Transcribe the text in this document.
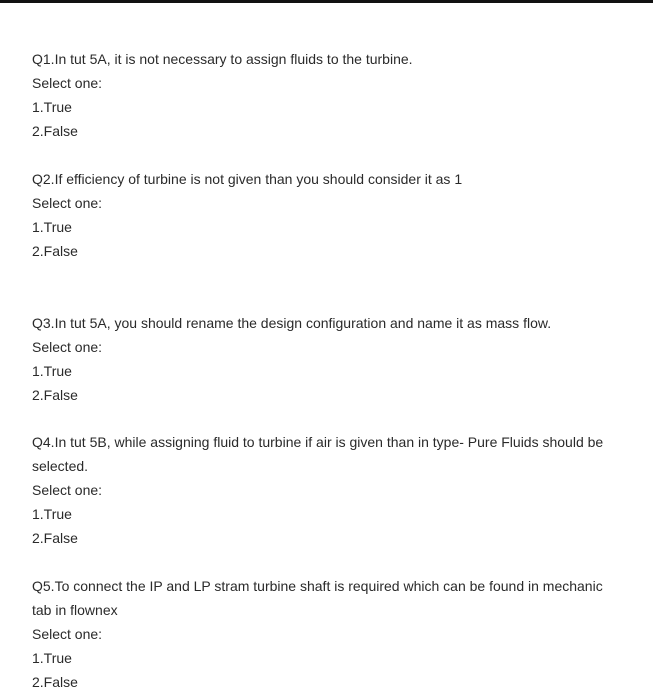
Q1.In tut 5A, it is not necessary to assign fluids to the turbine.
Select one:
1.True
2.False
Q2.If efficiency of turbine is not given than you should consider it as 1
Select one:
1.True
2.False
Q3.In tut 5A, you should rename the design configuration and name it as mass flow.
Select one:
1.True
2.False
Q4.In tut 5B, while assigning fluid to turbine if air is given than in type- Pure Fluids should be
selected.
Select one:
1.True
2.False
Q5.To connect the IP and LP stram turbine shaft is required which can be found in mechanic
tab in flownex
Select one:
1.True
2.False
